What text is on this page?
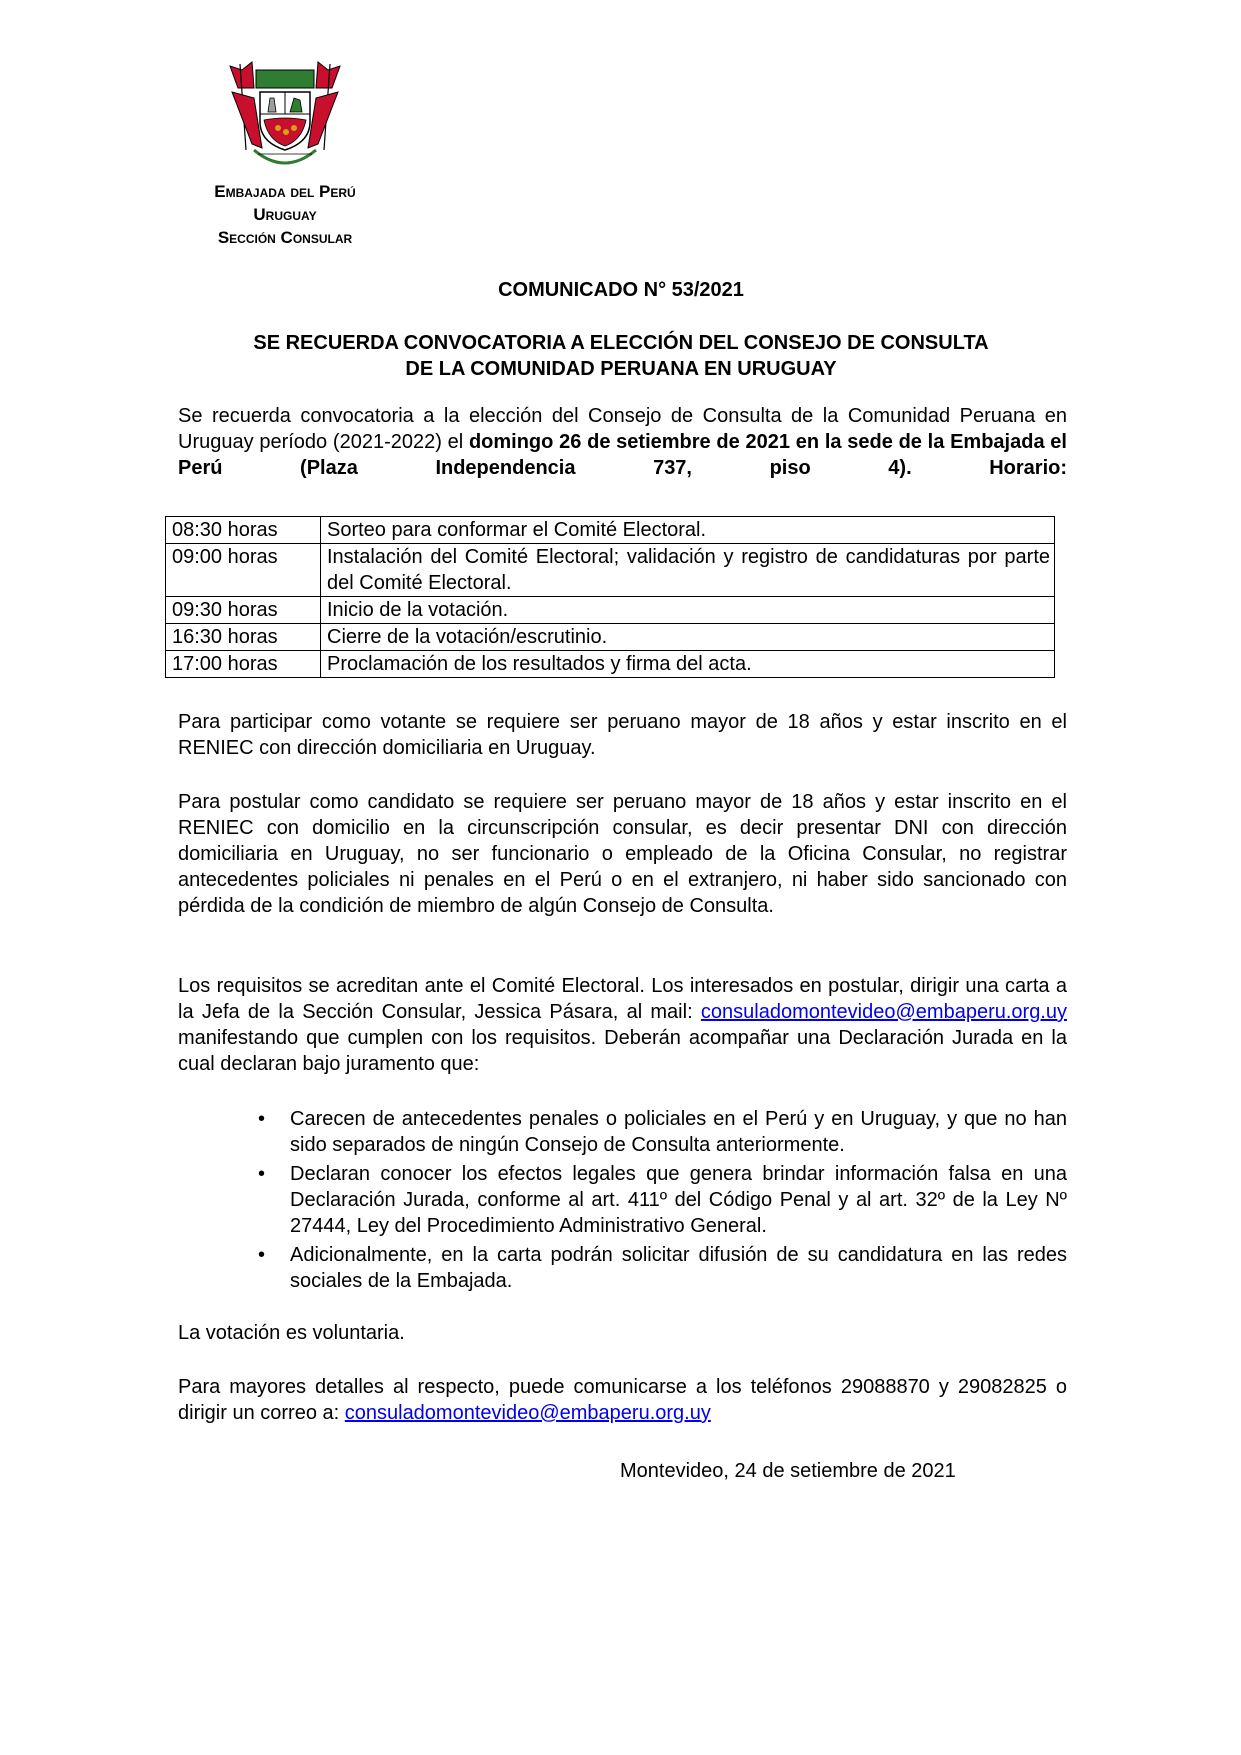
Embajada del Perú
Uruguay
Sección Consular
COMUNICADO N° 53/2021
SE RECUERDA CONVOCATORIA A ELECCIÓN DEL CONSEJO DE CONSULTA
DE LA COMUNIDAD PERUANA EN URUGUAY

Se recuerda convocatoria a la elección del Consejo de Consulta de la Comunidad Peruana en Uruguay período (2021-2022) el domingo 26 de setiembre de 2021 en la sede de la Embajada el Perú (Plaza Independencia 737, piso 4). Horario:

08:30 horas	Sorteo para conformar el Comité Electoral.
09:00 horas	Instalación del Comité Electoral; validación y registro de candidaturas por parte del Comité Electoral.
09:30 horas	Inicio de la votación.
16:30 horas	Cierre de la votación/escrutinio.
17:00 horas	Proclamación de los resultados y firma del acta.

Para participar como votante se requiere ser peruano mayor de 18 años y estar inscrito en el RENIEC con dirección domiciliaria en Uruguay.

Para postular como candidato se requiere ser peruano mayor de 18 años y estar inscrito en el RENIEC con domicilio en la circunscripción consular, es decir presentar DNI con dirección domiciliaria en Uruguay, no ser funcionario o empleado de la Oficina Consular, no registrar antecedentes policiales ni penales en el Perú o en el extranjero, ni haber sido sancionado con pérdida de la condición de miembro de algún Consejo de Consulta.

Los requisitos se acreditan ante el Comité Electoral. Los interesados en postular, dirigir una carta a la Jefa de la Sección Consular, Jessica Pásara, al mail: consuladomontevideo@embaperu.org.uy manifestando que cumplen con los requisitos. Deberán acompañar una Declaración Jurada en la cual declaran bajo juramento que:

• Carecen de antecedentes penales o policiales en el Perú y en Uruguay, y que no han sido separados de ningún Consejo de Consulta anteriormente.
• Declaran conocer los efectos legales que genera brindar información falsa en una Declaración Jurada, conforme al art. 411º del Código Penal y al art. 32º de la Ley Nº 27444, Ley del Procedimiento Administrativo General.
• Adicionalmente, en la carta podrán solicitar difusión de su candidatura en las redes sociales de la Embajada.

La votación es voluntaria.

Para mayores detalles al respecto, puede comunicarse a los teléfonos 29088870 y 29082825 o dirigir un correo a: consuladomontevideo@embaperu.org.uy

Montevideo, 24 de setiembre de 2021
